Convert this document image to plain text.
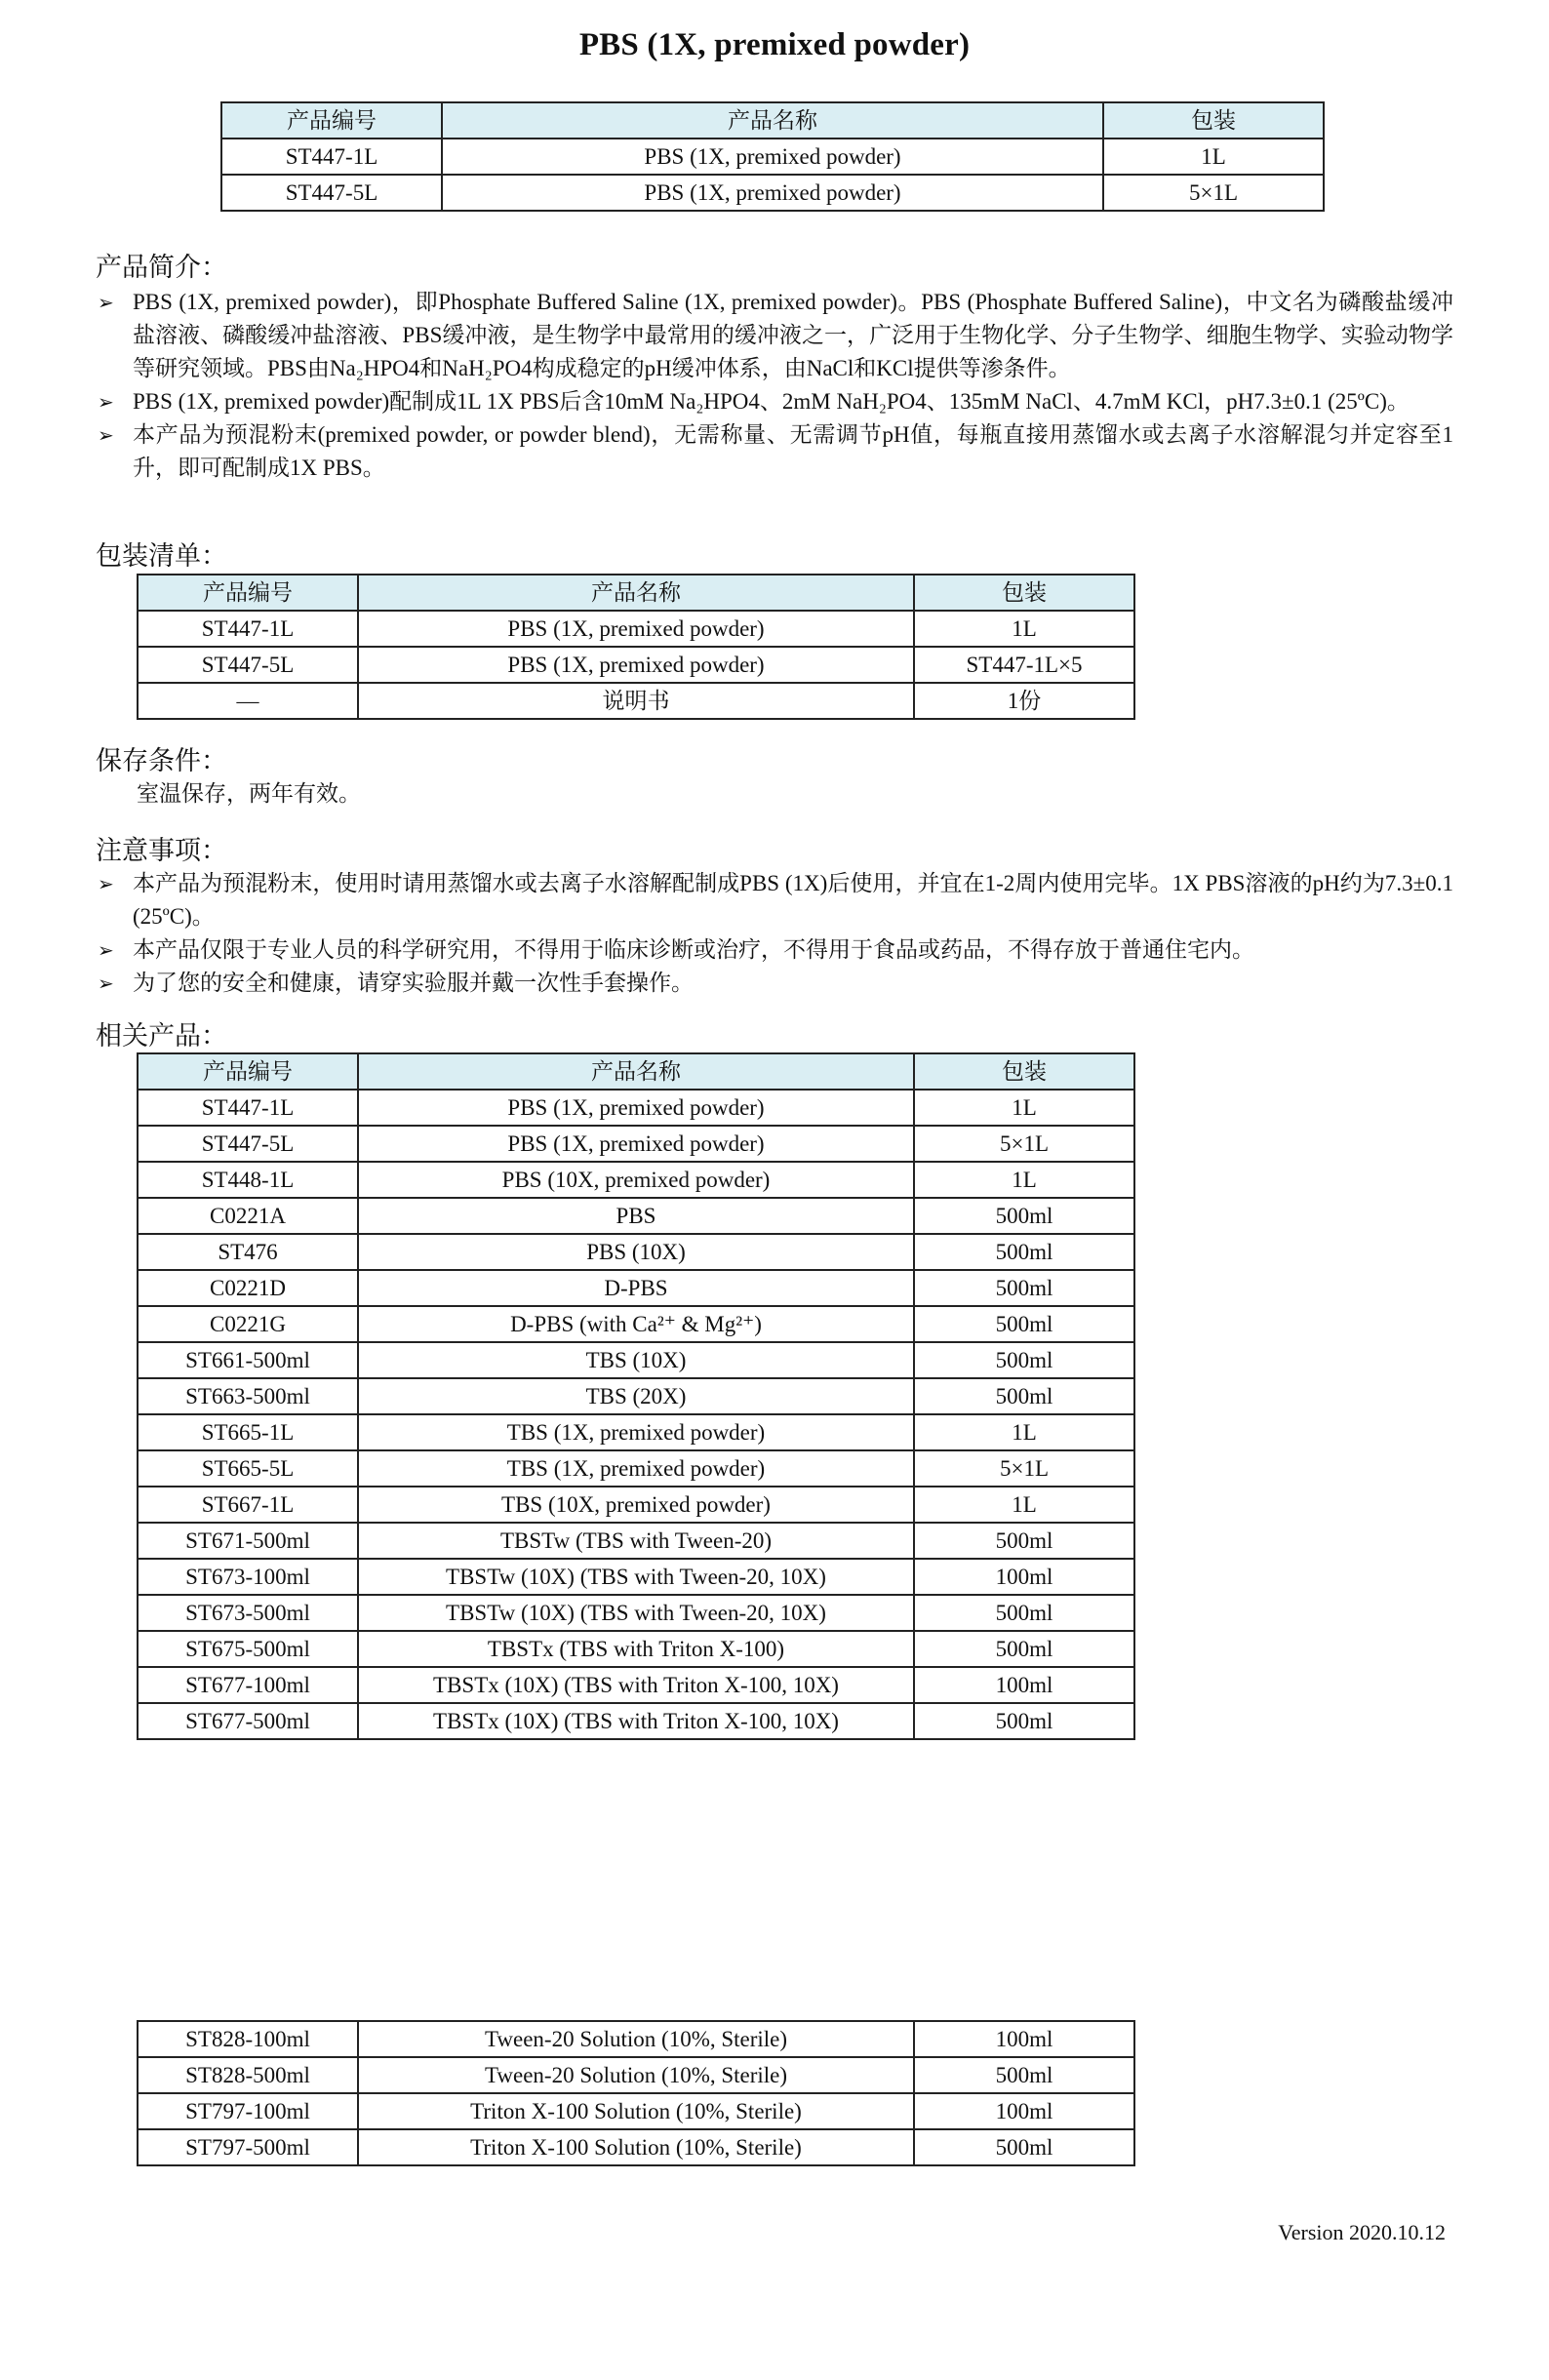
PBS (1X, premixed powder)
产品编号	产品名称	包装
ST447-1L	PBS (1X, premixed powder)	1L
ST447-5L	PBS (1X, premixed powder)	5×1L
产品简介：
➢ PBS (1X, premixed powder)，即Phosphate Buffered Saline (1X, premixed powder)。PBS (Phosphate Buffered Saline)，中文名为磷酸盐缓冲盐溶液、磷酸缓冲盐溶液、PBS缓冲液，是生物学中最常用的缓冲液之一，广泛用于生物化学、分子生物学、细胞生物学、实验动物学等研究领域。PBS由Na₂HPO4和NaH₂PO4构成稳定的pH缓冲体系，由NaCl和KCl提供等渗条件。
➢ PBS (1X, premixed powder)配制成1L 1X PBS后含10mM Na₂HPO4、2mM NaH₂PO4、135mM NaCl、4.7mM KCl，pH7.3±0.1 (25ºC)。
➢ 本产品为预混粉末(premixed powder, or powder blend)，无需称量、无需调节pH值，每瓶直接用蒸馏水或去离子水溶解混匀并定容至1升，即可配制成1X PBS。
包装清单：
产品编号	产品名称	包装
ST447-1L	PBS (1X, premixed powder)	1L
ST447-5L	PBS (1X, premixed powder)	ST447-1L×5
—	说明书	1份
保存条件：
室温保存，两年有效。
注意事项：
➢ 本产品为预混粉末，使用时请用蒸馏水或去离子水溶解配制成PBS (1X)后使用，并宜在1-2周内使用完毕。1X PBS溶液的pH约为7.3±0.1 (25ºC)。
➢ 本产品仅限于专业人员的科学研究用，不得用于临床诊断或治疗，不得用于食品或药品，不得存放于普通住宅内。
➢ 为了您的安全和健康，请穿实验服并戴一次性手套操作。
相关产品：
产品编号	产品名称	包装
ST447-1L	PBS (1X, premixed powder)	1L
ST447-5L	PBS (1X, premixed powder)	5×1L
ST448-1L	PBS (10X, premixed powder)	1L
C0221A	PBS	500ml
ST476	PBS (10X)	500ml
C0221D	D-PBS	500ml
C0221G	D-PBS (with Ca²⁺ & Mg²⁺)	500ml
ST661-500ml	TBS (10X)	500ml
ST663-500ml	TBS (20X)	500ml
ST665-1L	TBS (1X, premixed powder)	1L
ST665-5L	TBS (1X, premixed powder)	5×1L
ST667-1L	TBS (10X, premixed powder)	1L
ST671-500ml	TBSTw (TBS with Tween-20)	500ml
ST673-100ml	TBSTw (10X) (TBS with Tween-20, 10X)	100ml
ST673-500ml	TBSTw (10X) (TBS with Tween-20, 10X)	500ml
ST675-500ml	TBSTx (TBS with Triton X-100)	500ml
ST677-100ml	TBSTx (10X) (TBS with Triton X-100, 10X)	100ml
ST677-500ml	TBSTx (10X) (TBS with Triton X-100, 10X)	500ml
ST828-100ml	Tween-20 Solution (10%, Sterile)	100ml
ST828-500ml	Tween-20 Solution (10%, Sterile)	500ml
ST797-100ml	Triton X-100 Solution (10%, Sterile)	100ml
ST797-500ml	Triton X-100 Solution (10%, Sterile)	500ml
Version 2020.10.12
